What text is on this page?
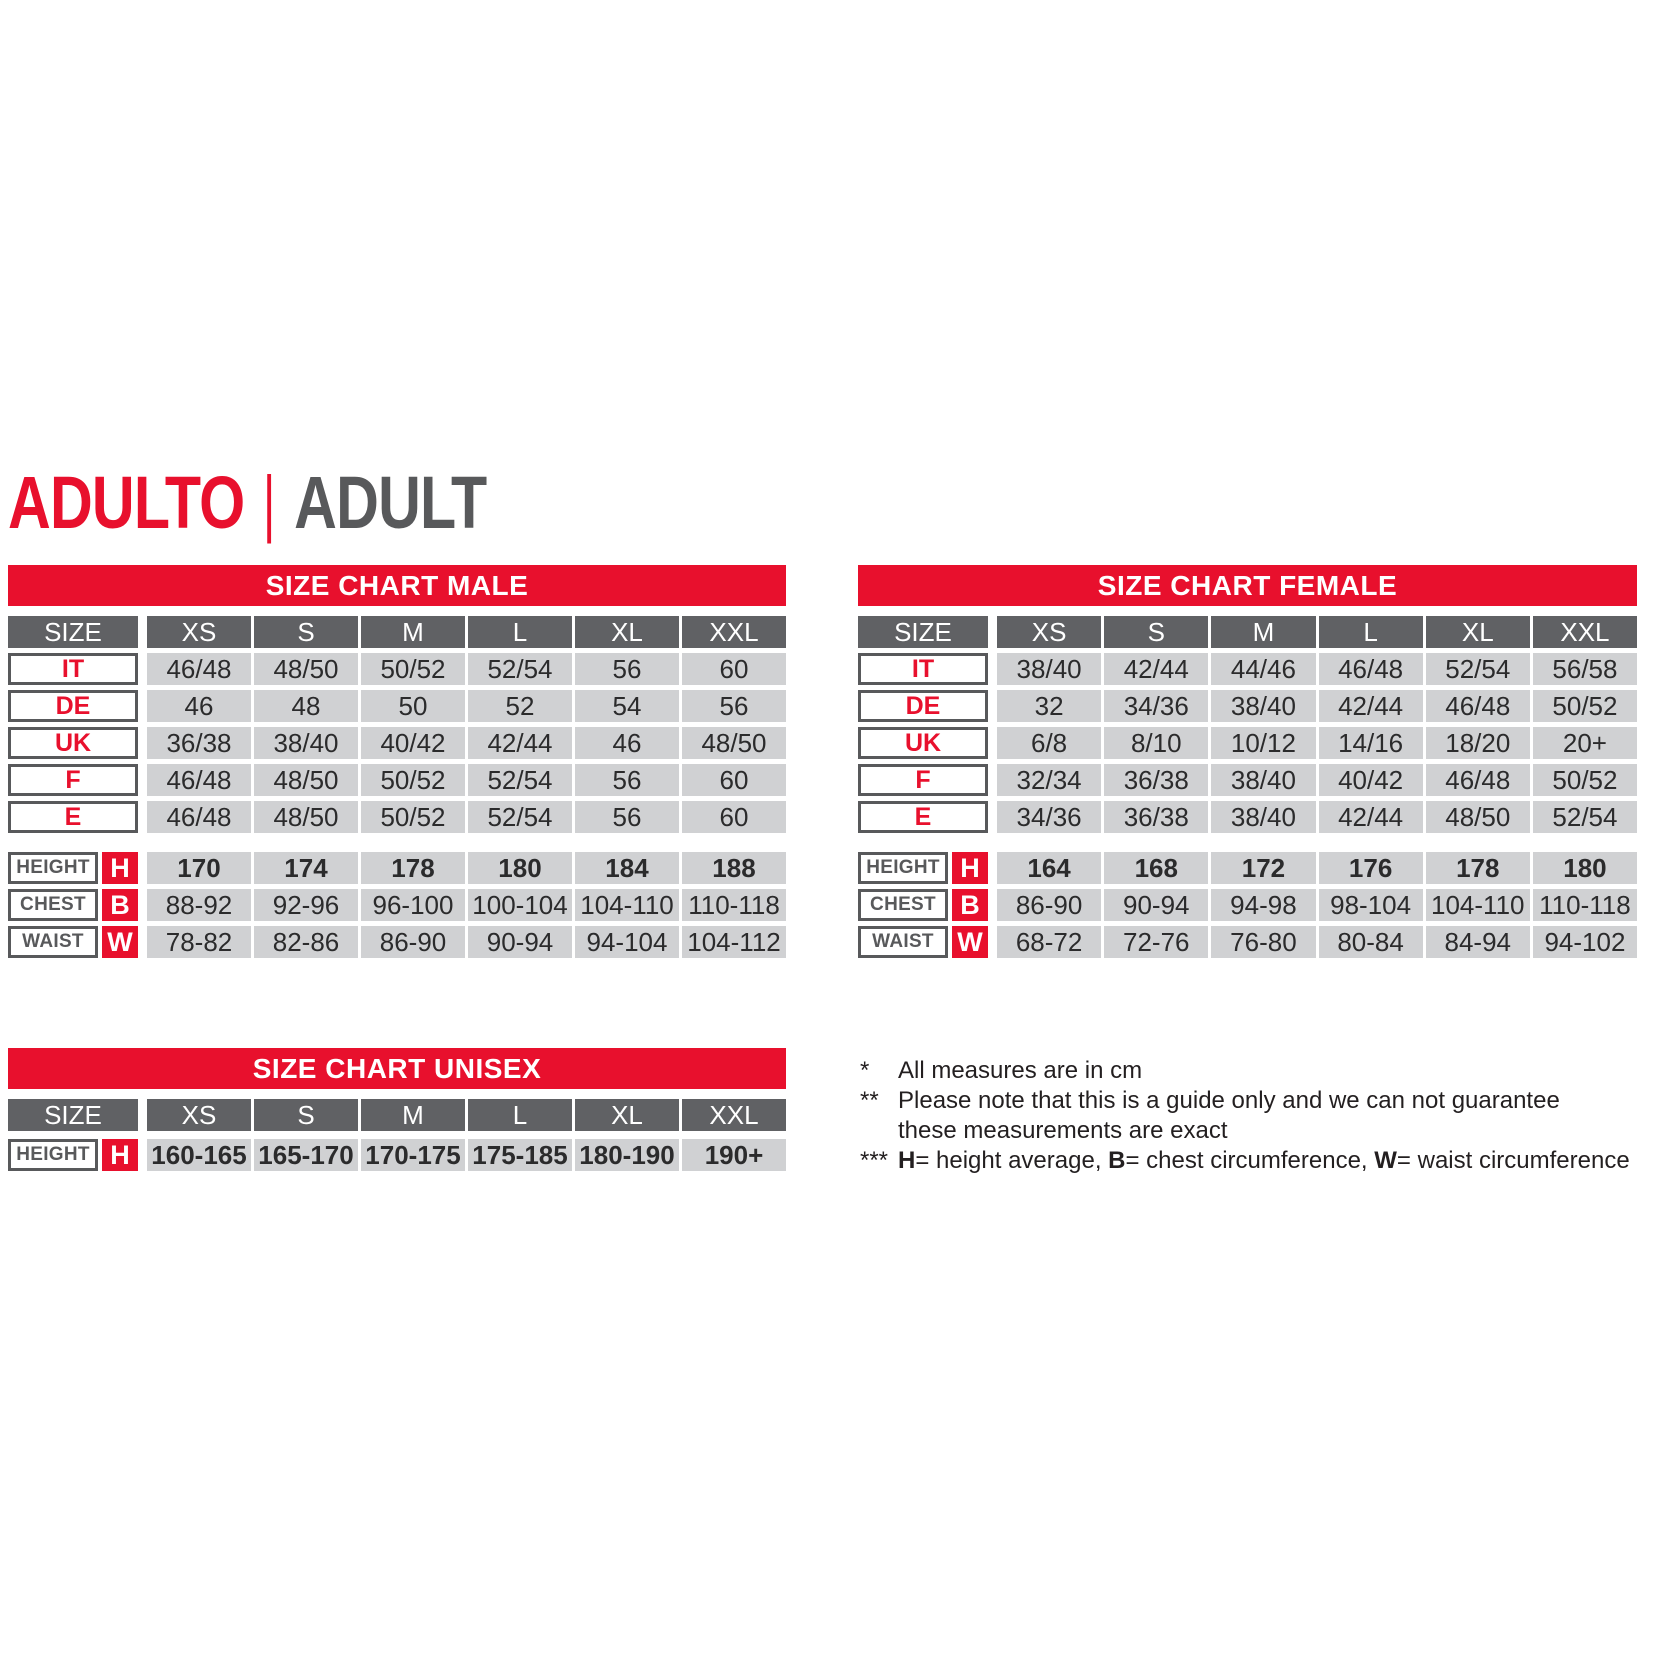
ADULTO | ADULT
SIZE CHART MALE
SIZE	XS	S	M	L	XL	XXL
IT	46/48	48/50	50/52	52/54	56	60
DE	46	48	50	52	54	56
UK	36/38	38/40	40/42	42/44	46	48/50
F	46/48	48/50	50/52	52/54	56	60
E	46/48	48/50	50/52	52/54	56	60
HEIGHT H	170	174	178	180	184	188
CHEST B	88-92	92-96	96-100 100-104 104-110 110-118
WAIST W	78-82	82-86	86-90	90-94	94-104 104-112
SIZE CHART FEMALE
SIZE	XS	S	M	L	XL	XXL
IT	38/40	42/44	44/46	46/48	52/54	56/58
DE	32	34/36	38/40	42/44	46/48	50/52
UK	6/8	8/10	10/12	14/16	18/20	20+
F	32/34	36/38	38/40	40/42	46/48	50/52
E	34/36	36/38	38/40	42/44	48/50	52/54
HEIGHT H	164	168	172	176	178	180
CHEST B	86-90	90-94	94-98	98-104 104-110 110-118
WAIST W	68-72	72-76	76-80	80-84	84-94	94-102
SIZE CHART UNISEX
SIZE	XS	S	M	L	XL	XXL
HEIGHT H 160-165 165-170 170-175 175-185 180-190	190+
*	All measures are in cm
** Please note that this is a guide only and we can not guarantee
these measurements are exact
*** H= height average, B= chest circumference, W= waist circumference
